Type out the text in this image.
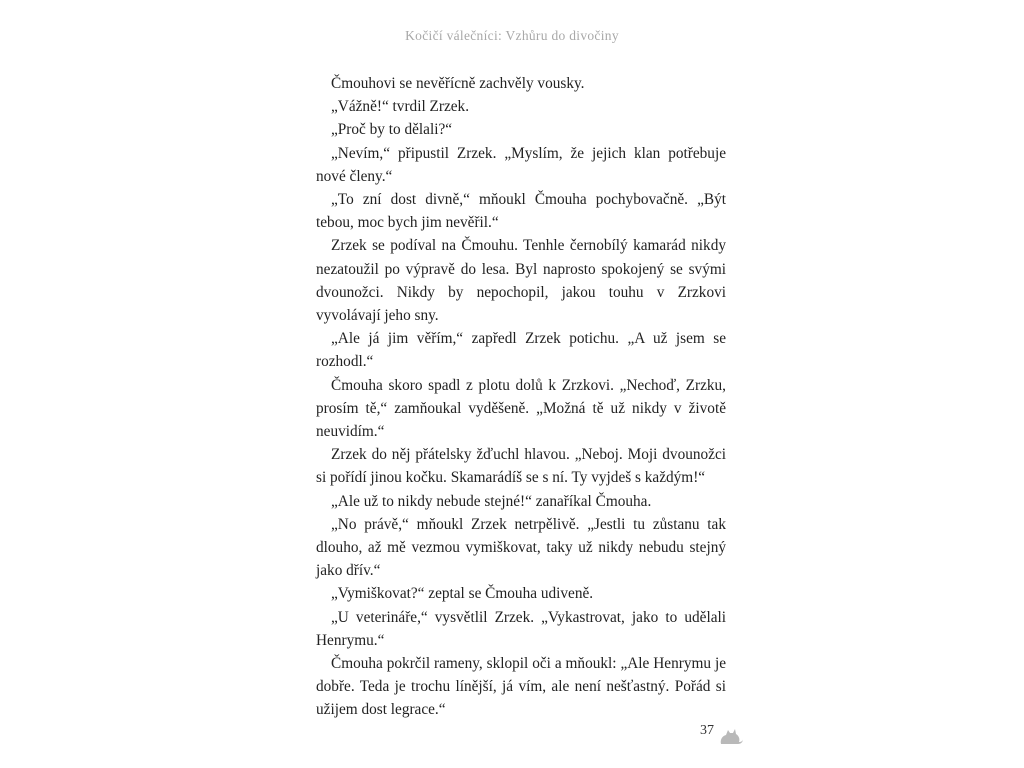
Kočičí válečníci: Vzhůru do divočiny

Čmouhovi se nevěřícně zachvěly vousky.

„Vážně!“ tvrdil Zrzek.

„Proč by to dělali?“

„Nevím,“ připustil Zrzek. „Myslím, že jejich klan potřebuje nové členy.“

„To zní dost divně,“ mňoukl Čmouha pochybovačně. „Být tebou, moc bych jim nevěřil.“

Zrzek se podíval na Čmouhu. Tenhle černobílý kamarád nikdy nezatoužil po výpravě do lesa. Byl naprosto spokojený se svými dvounožci. Nikdy by nepochopil, jakou touhu v Zrzkovi vyvolávají jeho sny.

„Ale já jim věřím,“ zapředl Zrzek potichu. „A už jsem se rozhodl.“

Čmouha skoro spadl z plotu dolů k Zrzkovi. „Nechoď, Zrzku, prosím tě,“ zamňoukal vyděšeně. „Možná tě už nikdy v životě neuvidím.“

Zrzek do něj přátelsky žďuchl hlavou. „Neboj. Moji dvounožci si pořídí jinou kočku. Skamarádíš se s ní. Ty vyjdeš s každým!“

„Ale už to nikdy nebude stejné!“ zanaříkal Čmouha.

„No právě,“ mňoukl Zrzek netrpělivě. „Jestli tu zůstanu tak dlouho, až mě vezmou vymiškovat, taky už nikdy nebudu stejný jako dřív.“

„Vymiškovat?“ zeptal se Čmouha udiveně.

„U veterináře,“ vysvětlil Zrzek. „Vykastrovat, jako to udělali Henrymu.“

Čmouha pokrčil rameny, sklopil oči a mňoukl: „Ale Henrymu je dobře. Teda je trochu línější, já vím, ale není nešťastný. Pořád si užijem dost legrace.“

37
